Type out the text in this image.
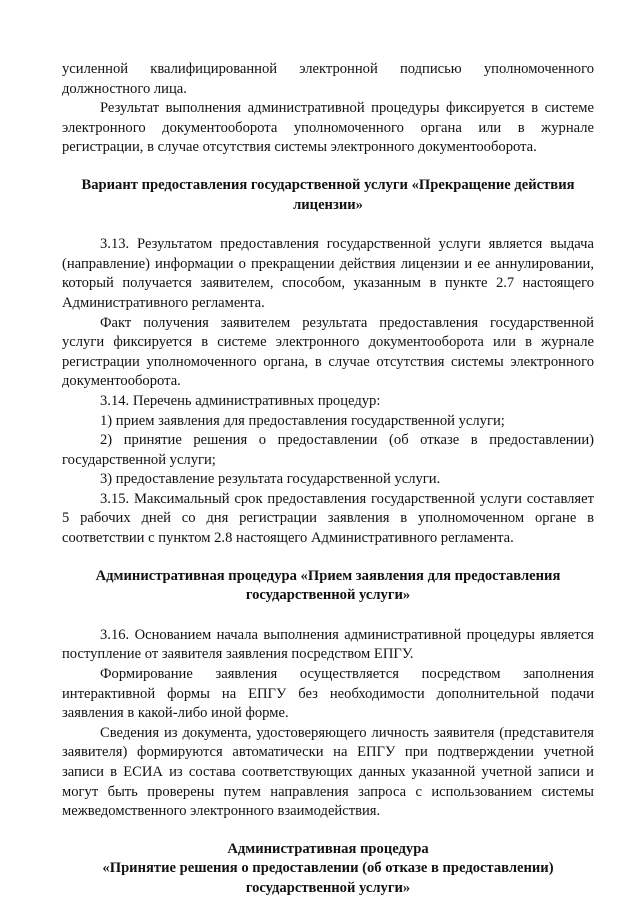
усиленной квалифицированной электронной подписью уполномоченного должностного лица.

Результат выполнения административной процедуры фиксируется в системе электронного документооборота уполномоченного органа или в журнале регистрации, в случае отсутствия системы электронного документооборота.

Вариант предоставления государственной услуги «Прекращение действия лицензии»

3.13. Результатом предоставления государственной услуги является выдача (направление) информации о прекращении действия лицензии и ее аннулировании, который получается заявителем, способом, указанным в пункте 2.7 настоящего Административного регламента.

Факт получения заявителем результата предоставления государственной услуги фиксируется в системе электронного документооборота или в журнале регистрации уполномоченного органа, в случае отсутствия системы электронного документооборота.

3.14. Перечень административных процедур:

1) прием заявления для предоставления государственной услуги;

2) принятие решения о предоставлении (об отказе в предоставлении) государственной услуги;

3) предоставление результата государственной услуги.

3.15. Максимальный срок предоставления государственной услуги составляет 5 рабочих дней со дня регистрации заявления в уполномоченном органе в соответствии с пунктом 2.8 настоящего Административного регламента.

Административная процедура «Прием заявления для предоставления государственной услуги»

3.16. Основанием начала выполнения административной процедуры является поступление от заявителя заявления посредством ЕПГУ.

Формирование заявления осуществляется посредством заполнения интерактивной формы на ЕПГУ без необходимости дополнительной подачи заявления в какой-либо иной форме.

Сведения из документа, удостоверяющего личность заявителя (представителя заявителя) формируются автоматически на ЕПГУ при подтверждении учетной записи в ЕСИА из состава соответствующих данных указанной учетной записи и могут быть проверены путем направления запроса с использованием системы межведомственного электронного взаимодействия.

Административная процедура
«Принятие решения о предоставлении (об отказе в предоставлении)
государственной услуги»
